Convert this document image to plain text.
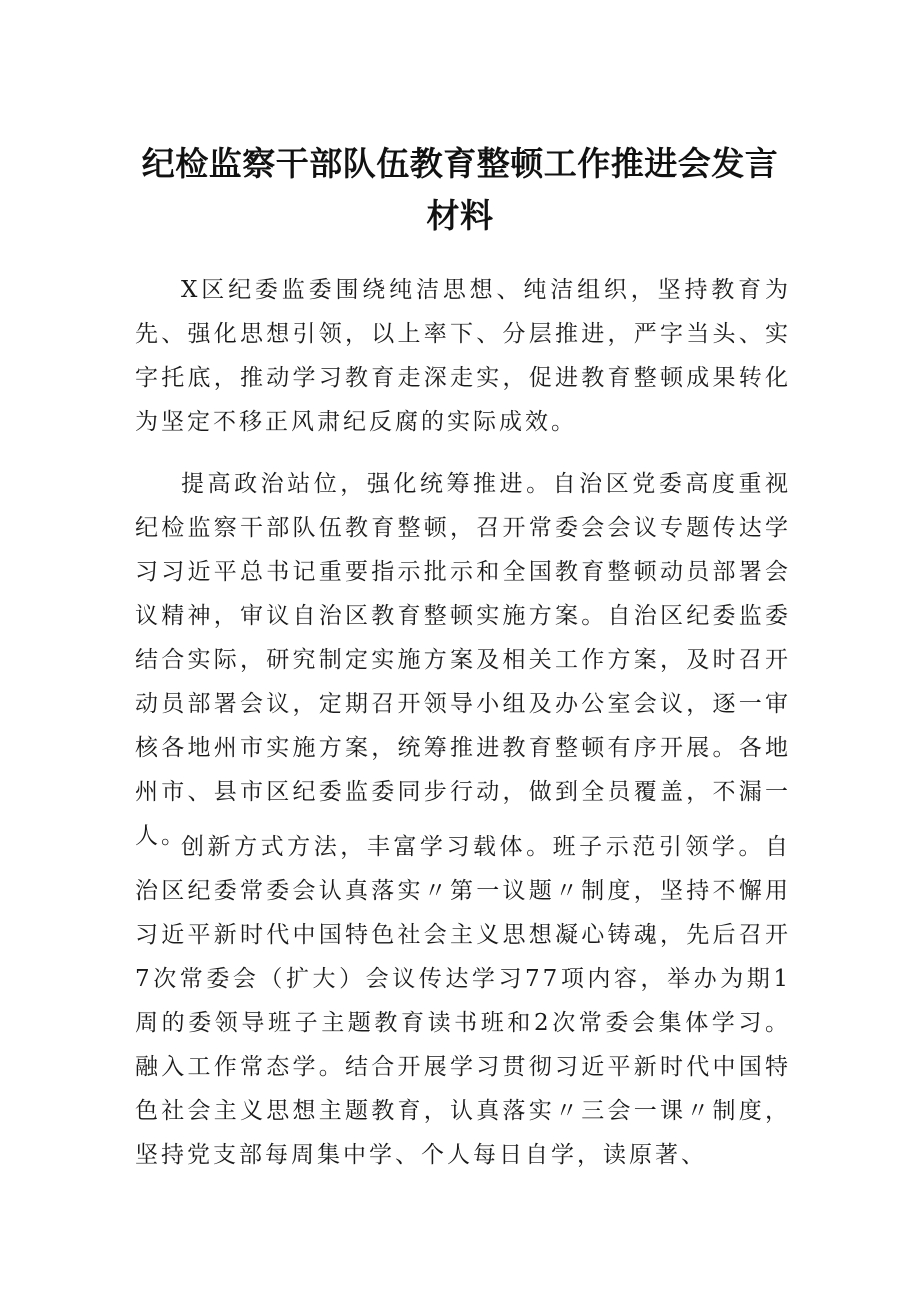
纪检监察干部队伍教育整顿工作推进会发言
材料

X区纪委监委围绕纯洁思想、纯洁组织，坚持教育为先、强化思想引领，以上率下、分层推进，严字当头、实字托底，推动学习教育走深走实，促进教育整顿成果转化为坚定不移正风肃纪反腐的实际成效。

提高政治站位，强化统筹推进。自治区党委高度重视纪检监察干部队伍教育整顿，召开常委会会议专题传达学习习近平总书记重要指示批示和全国教育整顿动员部署会议精神，审议自治区教育整顿实施方案。自治区纪委监委结合实际，研究制定实施方案及相关工作方案，及时召开动员部署会议，定期召开领导小组及办公室会议，逐一审核各地州市实施方案，统筹推进教育整顿有序开展。各地州市、县市区纪委监委同步行动，做到全员覆盖，不漏一人。

创新方式方法，丰富学习载体。班子示范引领学。自治区纪委常委会认真落实〃第一议题〃制度，坚持不懈用习近平新时代中国特色社会主义思想凝心铸魂，先后召开7次常委会（扩大）会议传达学习77项内容，举办为期1周的委领导班子主题教育读书班和2次常委会集体学习。融入工作常态学。结合开展学习贯彻习近平新时代中国特色社会主义思想主题教育，认真落实〃三会一课〃制度，坚持党支部每周集中学、个人每日自学，读原著、
